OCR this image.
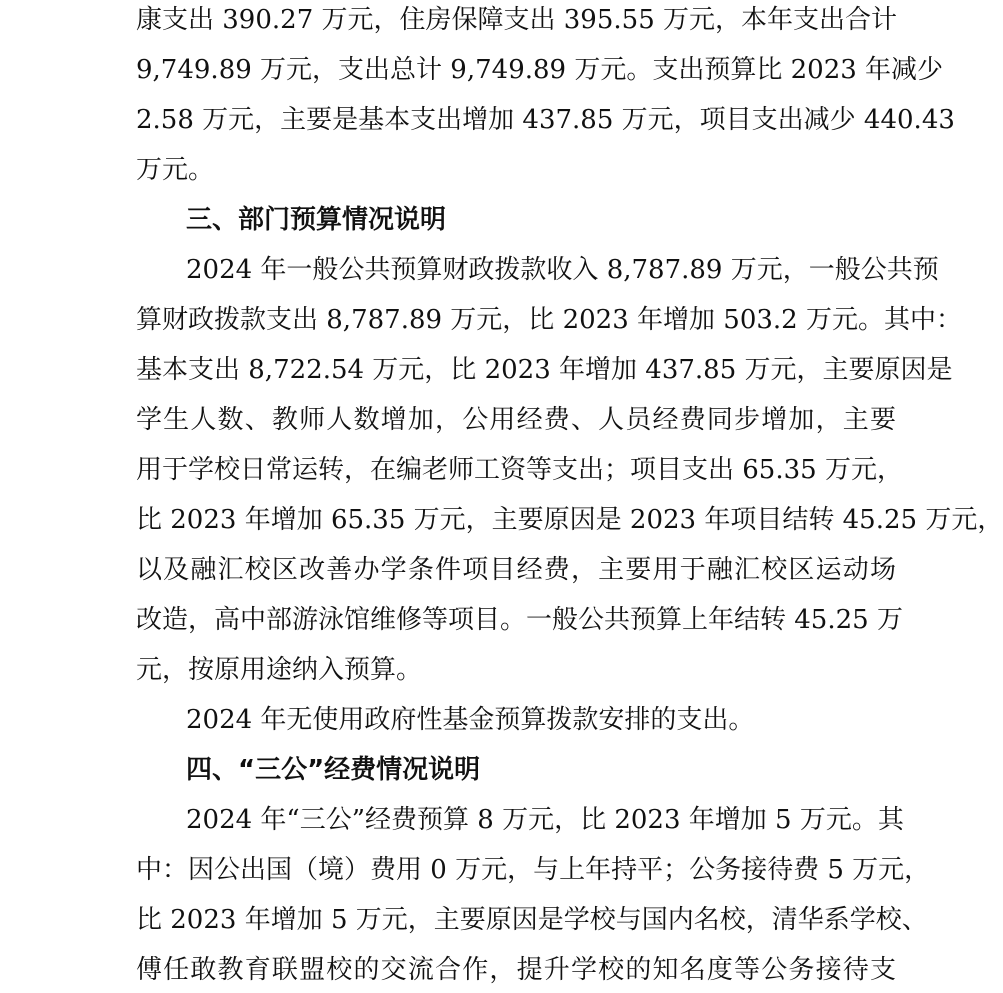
康支出 390.27 万元，住房保障支出 395.55 万元，本年支出合计
9,749.89 万元，支出总计 9,749.89 万元。支出预算比 2023 年减少
2.58 万元，主要是基本支出增加 437.85 万元，项目支出减少 440.43
万元。
三、部门预算情况说明
2024 年一般公共预算财政拨款收入 8,787.89 万元，一般公共预
算财政拨款支出 8,787.89 万元，比 2023 年增加 503.2 万元。其中：
基本支出 8,722.54 万元，比 2023 年增加 437.85 万元，主要原因是
学生人数、教师人数增加，公用经费、人员经费同步增加，主要
用于学校日常运转，在编老师工资等支出；项目支出 65.35 万元，
比 2023 年增加 65.35 万元，主要原因是 2023 年项目结转 45.25 万元，
以及融汇校区改善办学条件项目经费，主要用于融汇校区运动场
改造，高中部游泳馆维修等项目。一般公共预算上年结转 45.25 万
元，按原用途纳入预算。
2024 年无使用政府性基金预算拨款安排的支出。
四、“三公”经费情况说明
2024 年“三公”经费预算 8 万元，比 2023 年增加 5 万元。其
中：因公出国（境）费用 0 万元，与上年持平；公务接待费 5 万元，
比 2023 年增加 5 万元，主要原因是学校与国内名校，清华系学校、
傅任敢教育联盟校的交流合作，提升学校的知名度等公务接待支
